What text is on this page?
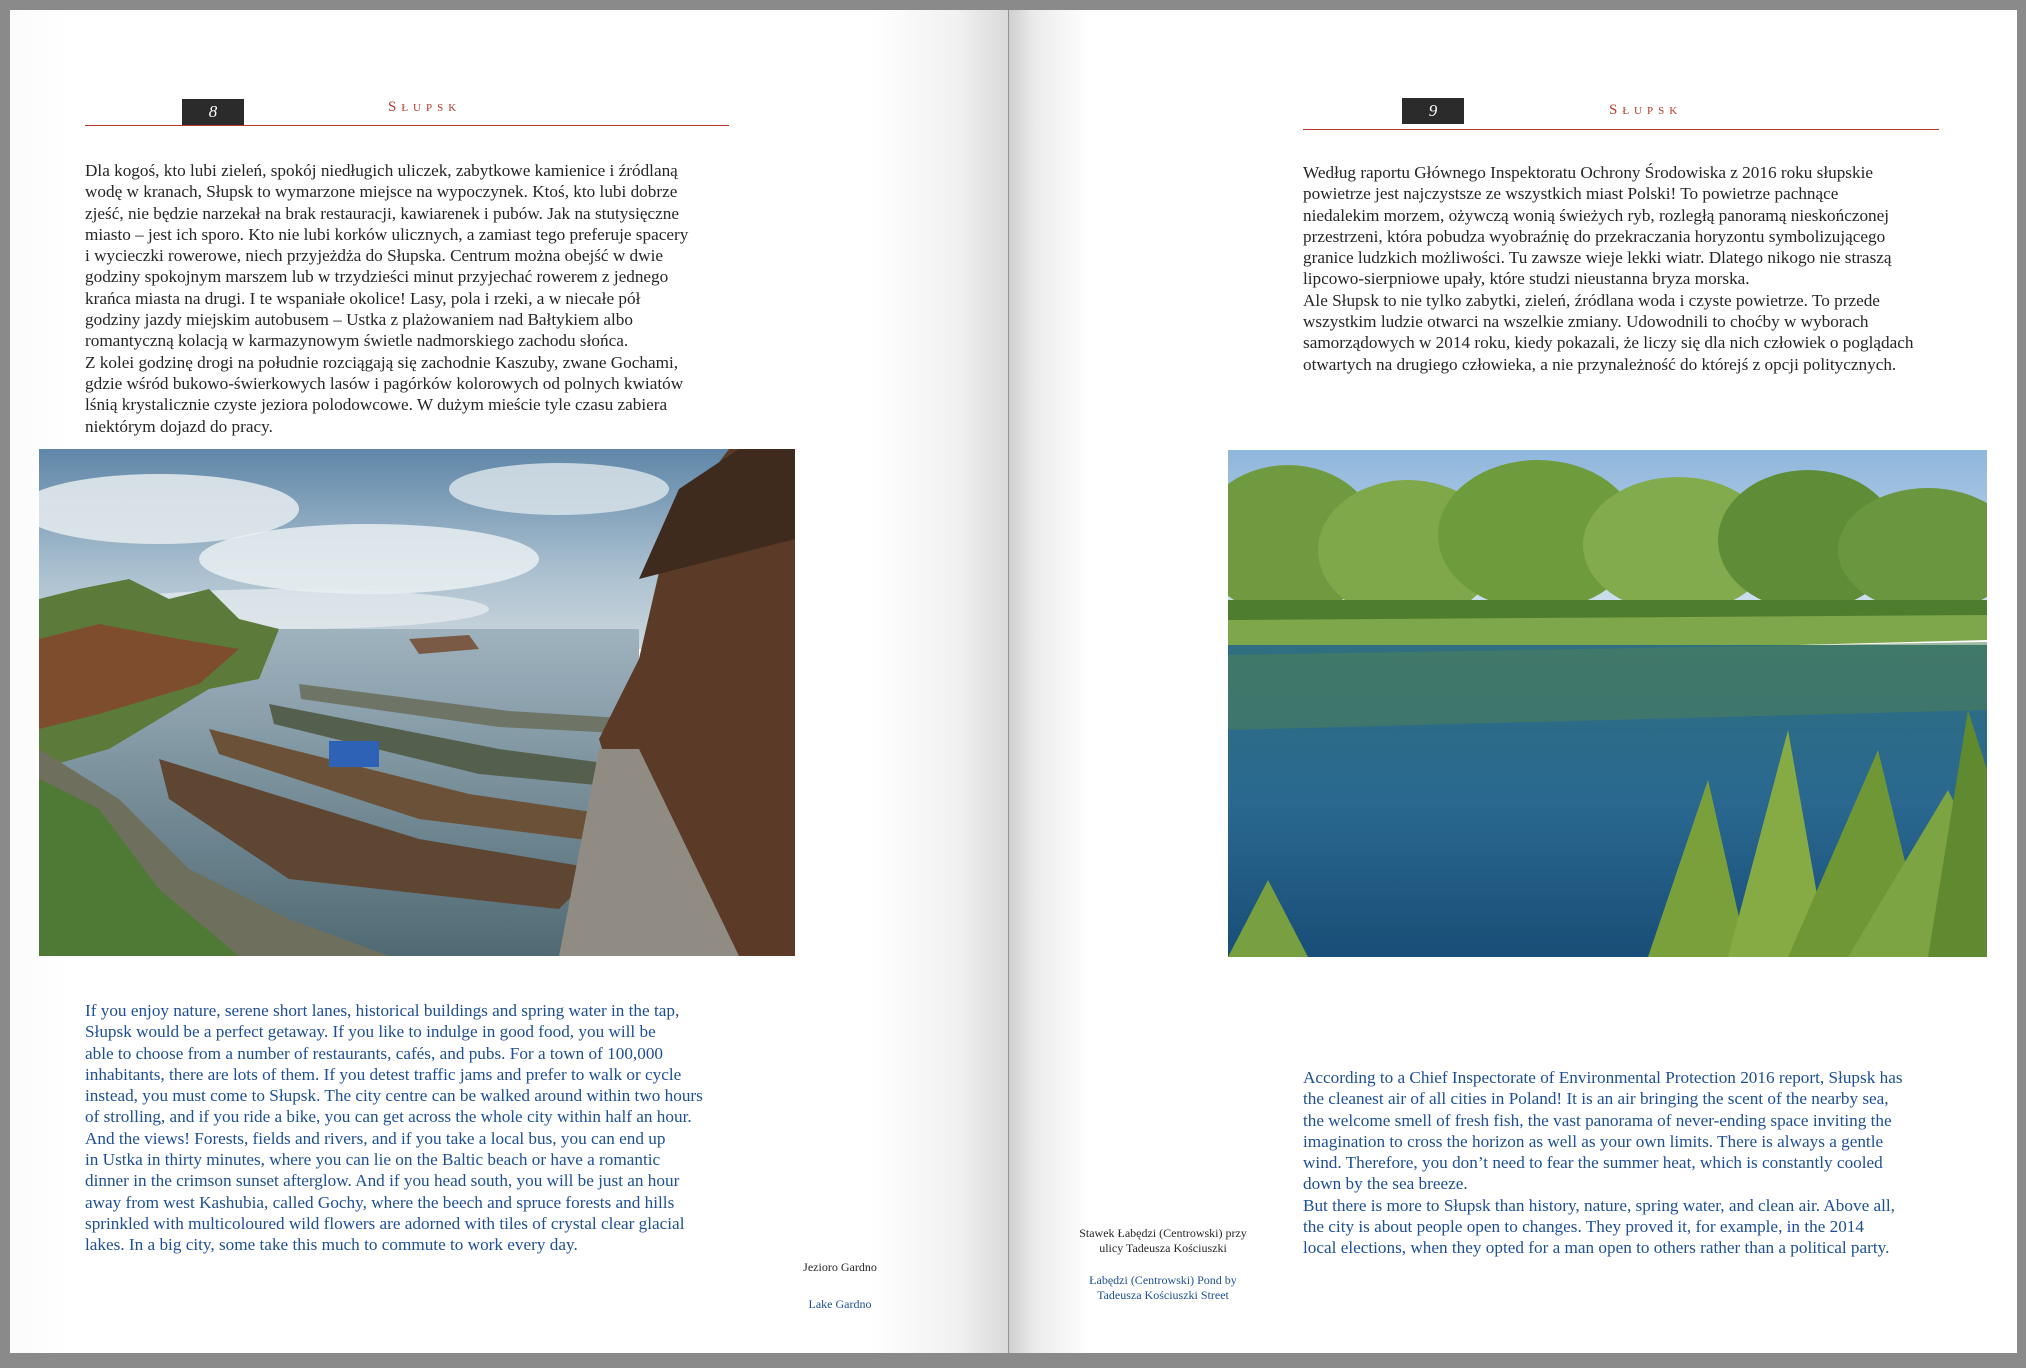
8	Słupsk

Dla kogoś, kto lubi zieleń, spokój niedługich uliczek, zabytkowe kamienice i źródlaną
wodę w kranach, Słupsk to wymarzone miejsce na wypoczynek. Ktoś, kto lubi dobrze
zjeść, nie będzie narzekał na brak restauracji, kawiarenek i pubów. Jak na stutysięczne
miasto – jest ich sporo. Kto nie lubi korków ulicznych, a zamiast tego preferuje spacery
i wycieczki rowerowe, niech przyjeżdża do Słupska. Centrum można obejść w dwie
godziny spokojnym marszem lub w trzydzieści minut przyjechać rowerem z jednego
krańca miasta na drugi. I te wspaniałe okolice! Lasy, pola i rzeki, a w niecałe pół
godziny jazdy miejskim autobusem – Ustka z plażowaniem nad Bałtykiem albo
romantyczną kolacją w karmazynowym świetle nadmorskiego zachodu słońca.
Z kolei godzinę drogi na południe rozciągają się zachodnie Kaszuby, zwane Gochami,
gdzie wśród bukowo-świerkowych lasów i pagórków kolorowych od polnych kwiatów
lśnią krystalicznie czyste jeziora polodowcowe. W dużym mieście tyle czasu zabiera
niektórym dojazd do pracy.

If you enjoy nature, serene short lanes, historical buildings and spring water in the tap,
Słupsk would be a perfect getaway. If you like to indulge in good food, you will be
able to choose from a number of restaurants, cafés, and pubs. For a town of 100,000
inhabitants, there are lots of them. If you detest traffic jams and prefer to walk or cycle
instead, you must come to Słupsk. The city centre can be walked around within two hours
of strolling, and if you ride a bike, you can get across the whole city within half an hour.
And the views! Forests, fields and rivers, and if you take a local bus, you can end up
in Ustka in thirty minutes, where you can lie on the Baltic beach or have a romantic
dinner in the crimson sunset afterglow. And if you head south, you will be just an hour
away from west Kashubia, called Gochy, where the beech and spruce forests and hills
sprinkled with multicoloured wild flowers are adorned with tiles of crystal clear glacial
lakes. In a big city, some take this much to commute to work every day.

Jezioro Gardno
Lake Gardno
9	Słupsk

Według raportu Głównego Inspektoratu Ochrony Środowiska z 2016 roku słupskie
powietrze jest najczystsze ze wszystkich miast Polski! To powietrze pachnące
niedalekim morzem, ożywczą wonią świeżych ryb, rozległą panoramą nieskończonej
przestrzeni, która pobudza wyobraźnię do przekraczania horyzontu symbolizującego
granice ludzkich możliwości. Tu zawsze wieje lekki wiatr. Dlatego nikogo nie straszą
lipcowo-sierpniowe upały, które studzi nieustanna bryza morska.
Ale Słupsk to nie tylko zabytki, zieleń, źródlana woda i czyste powietrze. To przede
wszystkim ludzie otwarci na wszelkie zmiany. Udowodnili to choćby w wyborach
samorządowych w 2014 roku, kiedy pokazali, że liczy się dla nich człowiek o poglądach
otwartych na drugiego człowieka, a nie przynależność do którejś z opcji politycznych.

Stawek Łabędzi (Centrowski) przy
ulicy Tadeusza Kościuszki
Łabędzi (Centrowski) Pond by
Tadeusza Kościuszki Street

According to a Chief Inspectorate of Environmental Protection 2016 report, Słupsk has
the cleanest air of all cities in Poland! It is an air bringing the scent of the nearby sea,
the welcome smell of fresh fish, the vast panorama of never-ending space inviting the
imagination to cross the horizon as well as your own limits. There is always a gentle
wind. Therefore, you don’t need to fear the summer heat, which is constantly cooled
down by the sea breeze.
But there is more to Słupsk than history, nature, spring water, and clean air. Above all,
the city is about people open to changes. They proved it, for example, in the 2014
local elections, when they opted for a man open to others rather than a political party.
